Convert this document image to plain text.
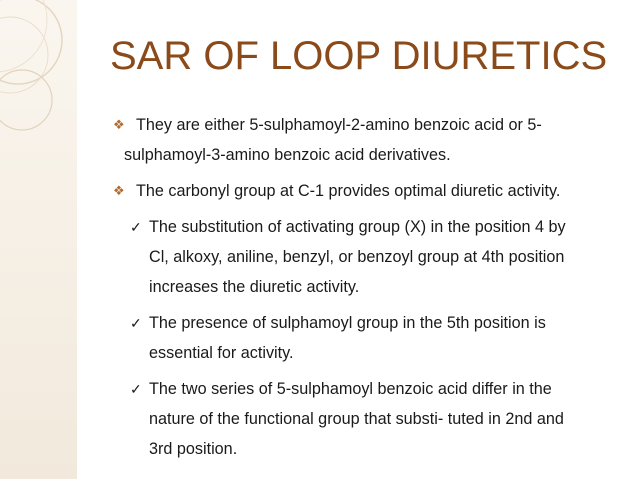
SAR OF LOOP DIURETICS
❖ They are either 5-sulphamoyl-2-amino benzoic acid or 5-
sulphamoyl-3-amino benzoic acid derivatives.
❖ The carbonyl group at C-1 provides optimal diuretic activity.
✓ The substitution of activating group (X) in the position 4 by
Cl, alkoxy, aniline, benzyl, or benzoyl group at 4th position
increases the diuretic activity.
✓ The presence of sulphamoyl group in the 5th position is
essential for activity.
✓ The two series of 5-sulphamoyl benzoic acid differ in the
nature of the functional group that substi- tuted in 2nd and
3rd position.
